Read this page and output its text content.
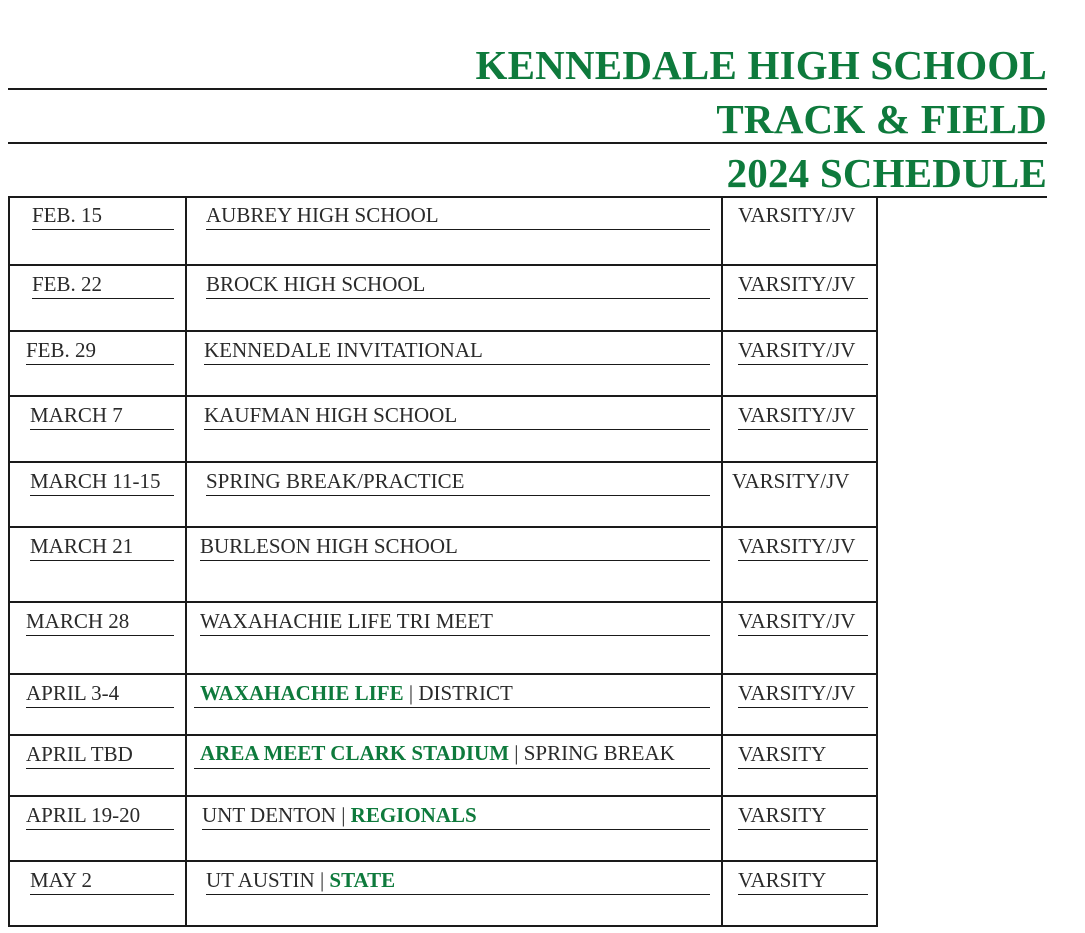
KENNEDALE HIGH SCHOOL
TRACK & FIELD
2024 SCHEDULE
FEB. 15	AUBREY HIGH SCHOOL	VARSITY/JV
FEB. 22	BROCK HIGH SCHOOL	VARSITY/JV
FEB. 29	KENNEDALE INVITATIONAL	VARSITY/JV
MARCH 7	KAUFMAN HIGH SCHOOL	VARSITY/JV
MARCH 11-15	SPRING BREAK/PRACTICE	VARSITY/JV
MARCH 21	BURLESON HIGH SCHOOL	VARSITY/JV
MARCH 28	WAXAHACHIE LIFE TRI MEET	VARSITY/JV
APRIL 3-4	WAXAHACHIE LIFE | DISTRICT	VARSITY/JV
APRIL TBD	AREA MEET CLARK STADIUM | SPRING BREAK	VARSITY
APRIL 19-20	UNT DENTON | REGIONALS	VARSITY
MAY 2	UT AUSTIN | STATE	VARSITY
